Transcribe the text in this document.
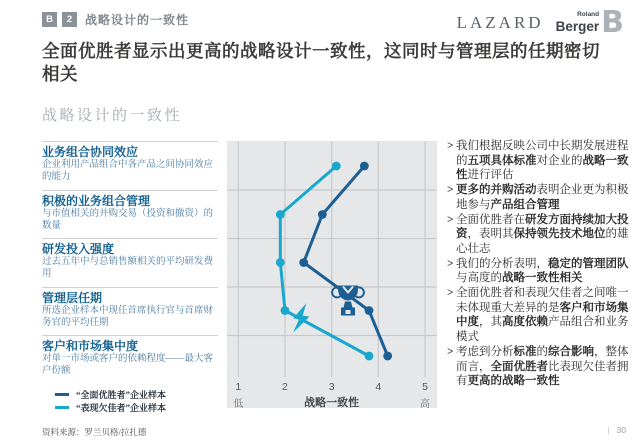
B	2	战略设计的一致性	LAZARD	Roland
Berger B
全面优胜者显示出更高的战略设计一致性，这同时与管理层的任期密切相关
战略设计的一致性
业务组合协同效应
企业利用产品组合中各产品之间协同效应的能力
积极的业务组合管理
与市值相关的并购交易（投资和撤资）的数量
研发投入强度
过去五年中与总销售额相关的平均研发费用
管理层任期
所选企业样本中现任首席执行官与首席财务官的平均任期
客户和市场集中度
对单一市场或客户的依赖程度——最大客户份额
1	2	3	4	5
低	战略一致性	高
“全面优胜者”企业样本
“表现欠佳者”企业样本
> 我们根据反映公司中长期发展进程的五项具体标准对企业的战略一致性进行评估
> 更多的并购活动表明企业更为积极地参与产品组合管理
> 全面优胜者在研发方面持续加大投资，表明其保持领先技术地位的雄心壮志
> 我们的分析表明，稳定的管理团队与高度的战略一致性相关
> 全面优胜者和表现欠佳者之间唯一未体现重大差异的是客户和市场集中度，其高度依赖产品组合和业务模式
> 考虑到分析标准的综合影响，整体而言，全面优胜者比表现欠佳者拥有更高的战略一致性
资料来源：罗兰贝格/拉扎德	| 30
